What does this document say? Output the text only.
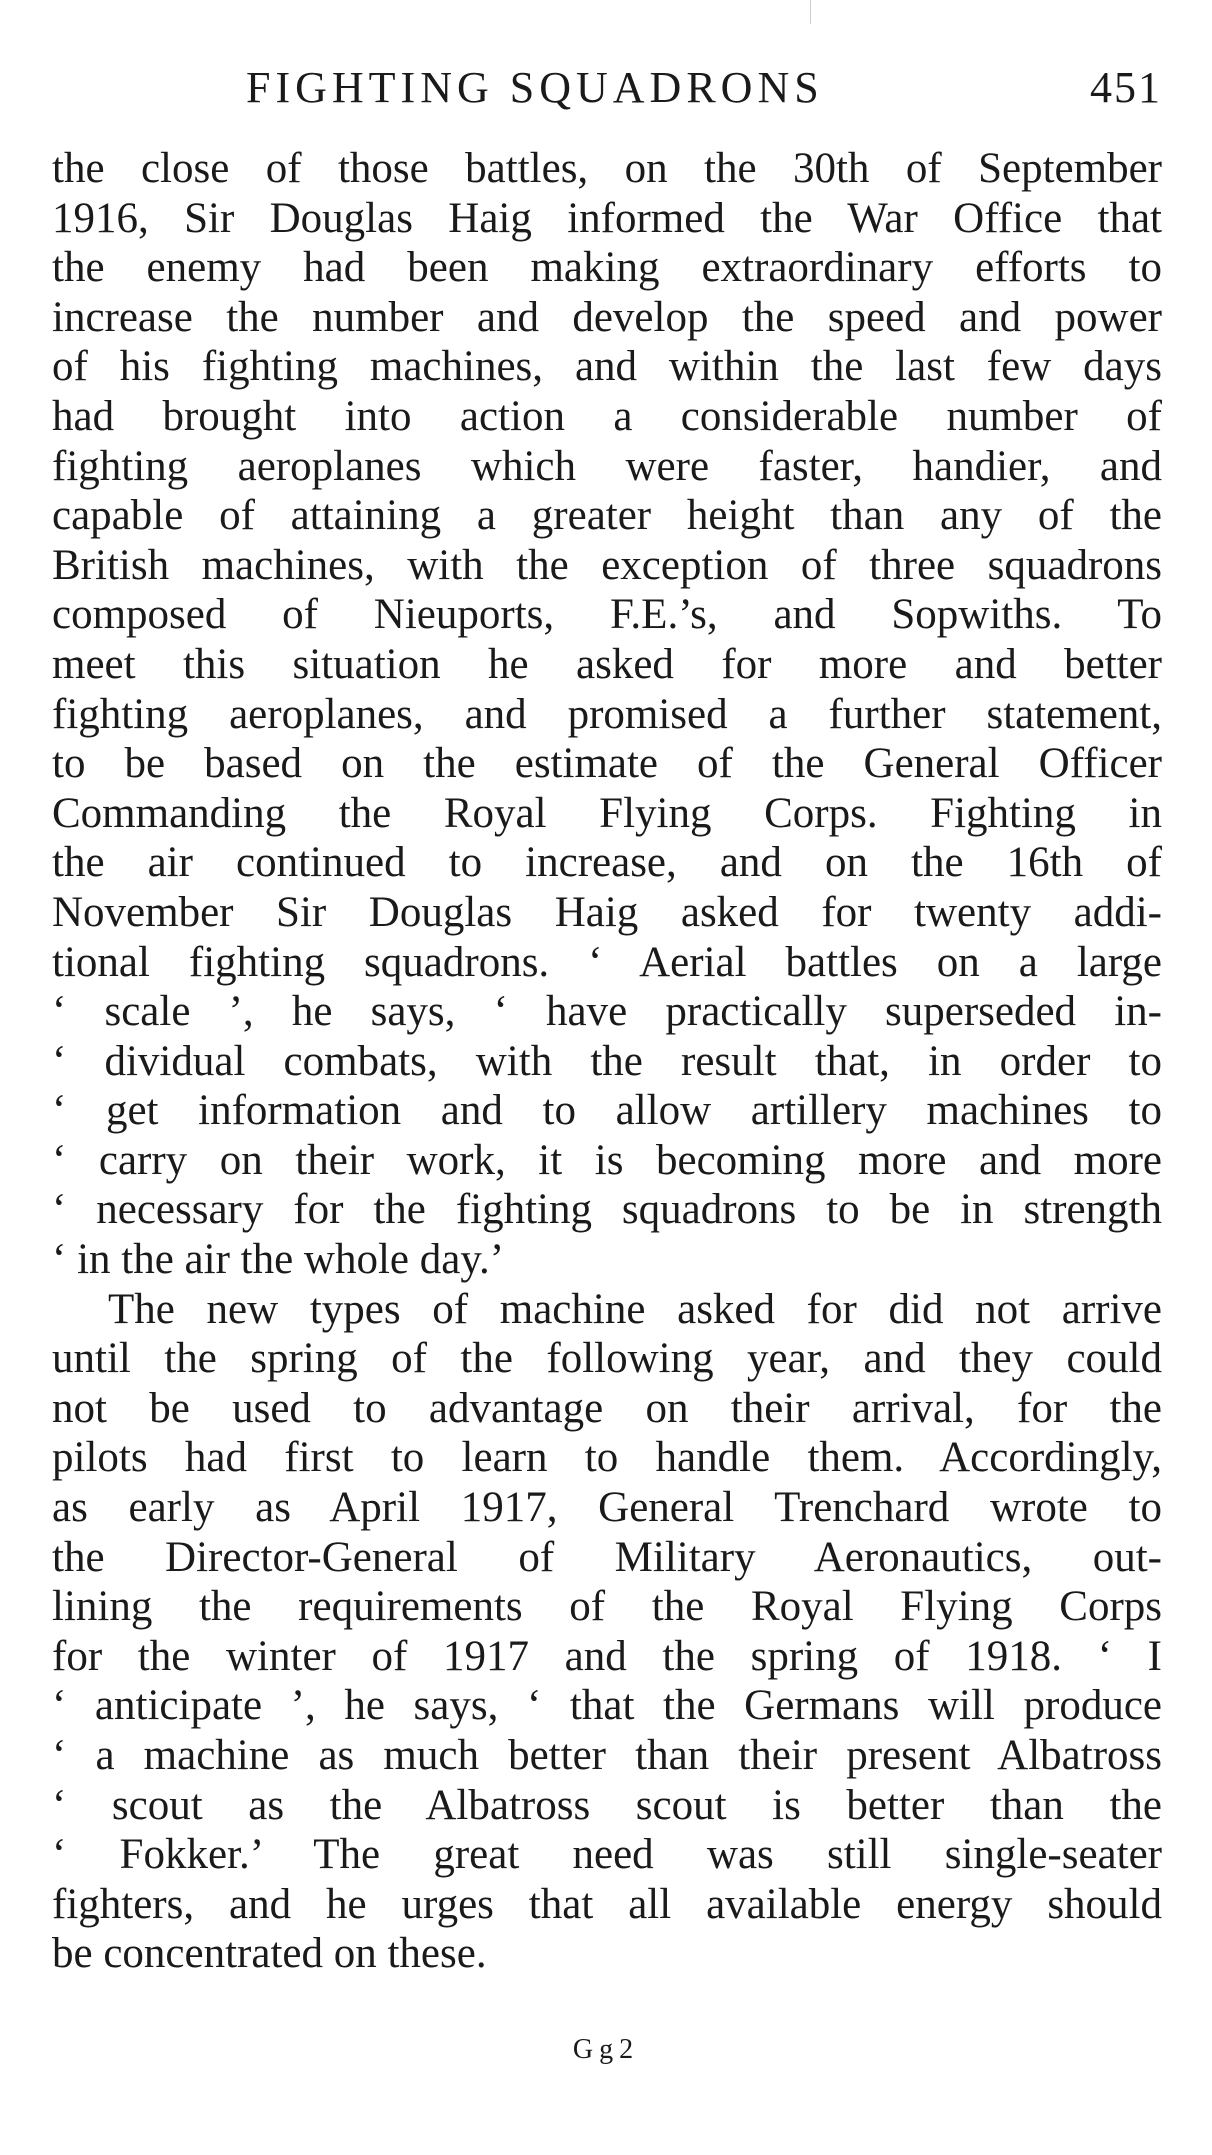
FIGHTING SQUADRONS	451
the close of those battles, on the 30th of September
1916, Sir Douglas Haig informed the War Office that
the enemy had been making extraordinary efforts to
increase the number and develop the speed and power
of his fighting machines, and within the last few days
had brought into action a considerable number of
fighting aeroplanes which were faster, handier, and
capable of attaining a greater height than any of the
British machines, with the exception of three squadrons
composed of Nieuports, F.E.’s, and Sopwiths. To
meet this situation he asked for more and better
fighting aeroplanes, and promised a further statement,
to be based on the estimate of the General Officer
Commanding the Royal Flying Corps. Fighting in
the air continued to increase, and on the 16th of
November Sir Douglas Haig asked for twenty addi-
tional fighting squadrons. ‘ Aerial battles on a large
‘ scale ’, he says, ‘ have practically superseded in-
‘ dividual combats, with the result that, in order to
‘ get information and to allow artillery machines to
‘ carry on their work, it is becoming more and more
‘ necessary for the fighting squadrons to be in strength
‘ in the air the whole day.’
The new types of machine asked for did not arrive
until the spring of the following year, and they could
not be used to advantage on their arrival, for the
pilots had first to learn to handle them. Accordingly,
as early as April 1917, General Trenchard wrote to
the Director-General of Military Aeronautics, out-
lining the requirements of the Royal Flying Corps
for the winter of 1917 and the spring of 1918. ‘ I
‘ anticipate ’, he says, ‘ that the Germans will produce
‘ a machine as much better than their present Albatross
‘ scout as the Albatross scout is better than the
‘ Fokker.’ The great need was still single-seater
fighters, and he urges that all available energy should
be concentrated on these.
Gg2
